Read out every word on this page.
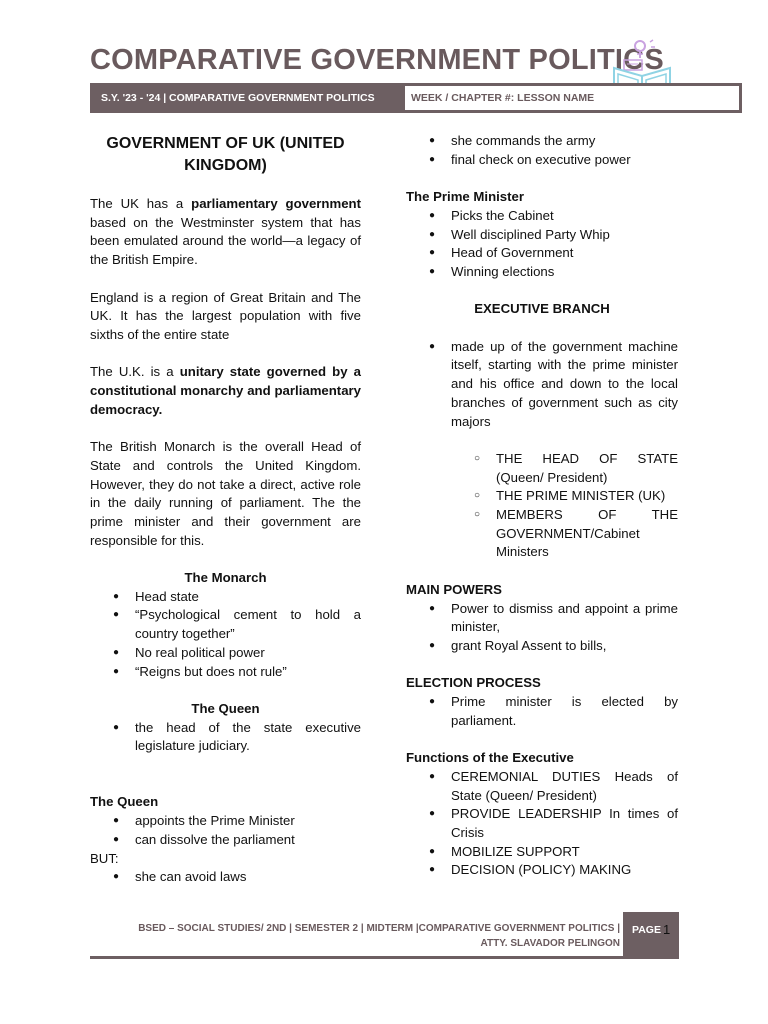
COMPARATIVE GOVERNMENT POLITICS
S.Y. '23 - '24 | COMPARATIVE GOVERNMENT POLITICS	WEEK / CHAPTER #: LESSON NAME
GOVERNMENT OF UK (UNITED KINGDOM)
The UK has a parliamentary government based on the Westminster system that has been emulated around the world—a legacy of the British Empire.
England is a region of Great Britain and The UK. It has the largest population with five sixths of the entire state
The U.K. is a unitary state governed by a constitutional monarchy and parliamentary democracy.
The British Monarch is the overall Head of State and controls the United Kingdom. However, they do not take a direct, active role in the daily running of parliament. The the prime minister and their government are responsible for this.
The Monarch
● Head state
● “Psychological cement to hold a country together”
● No real political power
● “Reigns but does not rule”
The Queen
● the head of the state executive legislature judiciary.
The Queen
● appoints the Prime Minister
● can dissolve the parliament
BUT:
● she can avoid laws
● she commands the army
● final check on executive power
The Prime Minister
● Picks the Cabinet
● Well disciplined Party Whip
● Head of Government
● Winning elections
EXECUTIVE BRANCH
● made up of the government machine itself, starting with the prime minister and his office and down to the local branches of government such as city majors
○ THE HEAD OF STATE (Queen/ President)
○ THE PRIME MINISTER (UK)
○ MEMBERS OF THE GOVERNMENT/Cabinet Ministers
MAIN POWERS
● Power to dismiss and appoint a prime minister,
● grant Royal Assent to bills,
ELECTION PROCESS
● Prime minister is elected by parliament.
Functions of the Executive
● CEREMONIAL DUTIES Heads of State (Queen/ President)
● PROVIDE LEADERSHIP In times of Crisis
● MOBILIZE SUPPORT
● DECISION (POLICY) MAKING
BSED – SOCIAL STUDIES/ 2ND | SEMESTER 2 | MIDTERM |COMPARATIVE GOVERNMENT POLITICS |
ATTY. SLAVADOR PELINGON
PAGE 1
